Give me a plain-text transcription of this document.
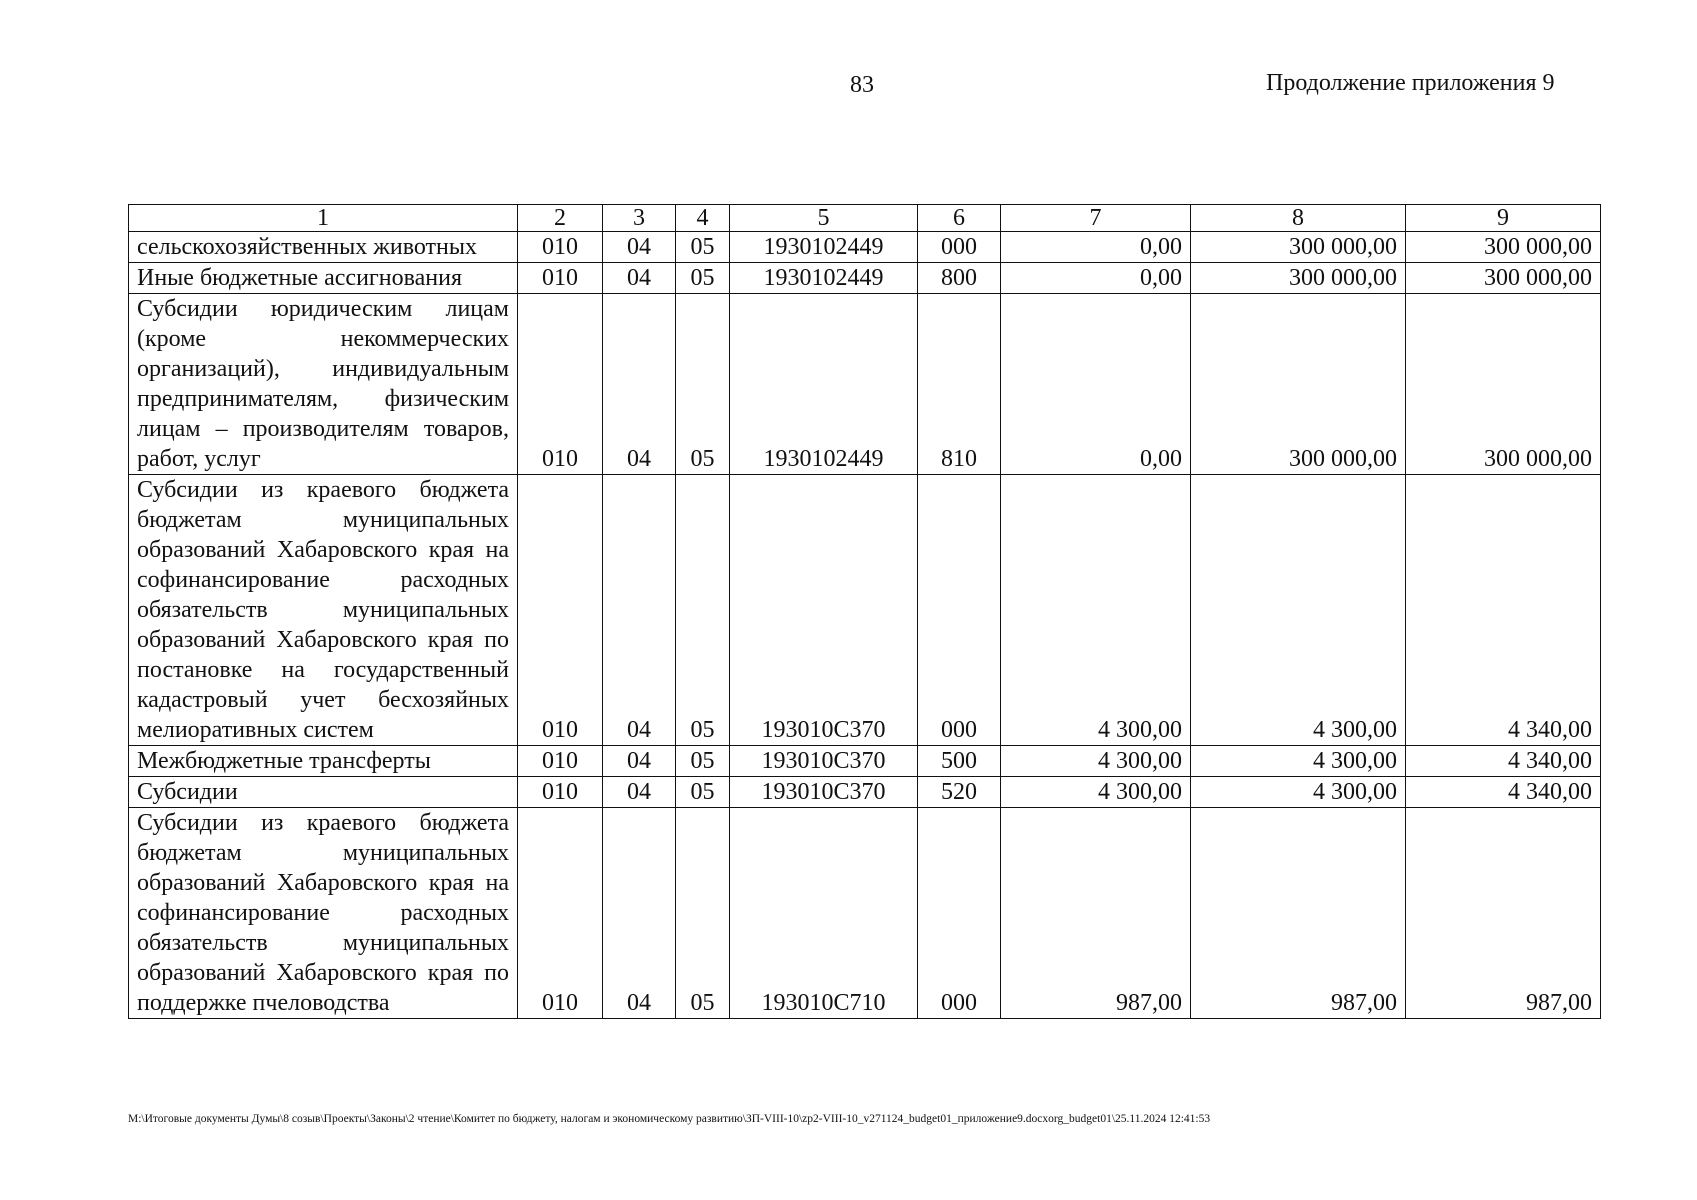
83	Продолжение приложения 9
1	2	3	4	5	6	7	8	9
сельскохозяйственных животных	010	04	05	1930102449	000	0,00	300 000,00	300 000,00
Иные бюджетные ассигнования	010	04	05	1930102449	800	0,00	300 000,00	300 000,00
Субсидии юридическим лицам (кроме некоммерческих организаций), индивидуальным предпринимателям, физическим лицам – производителям товаров, работ, услуг	010	04	05	1930102449	810	0,00	300 000,00	300 000,00
Субсидии из краевого бюджета бюджетам муниципальных образований Хабаровского края на софинансирование расходных обязательств муниципальных образований Хабаровского края по постановке на государственный кадастровый учет бесхозяйных мелиоративных систем	010	04	05	193010С370	000	4 300,00	4 300,00	4 340,00
Межбюджетные трансферты	010	04	05	193010С370	500	4 300,00	4 300,00	4 340,00
Субсидии	010	04	05	193010С370	520	4 300,00	4 300,00	4 340,00
Субсидии из краевого бюджета бюджетам муниципальных образований Хабаровского края на софинансирование расходных обязательств муниципальных образований Хабаровского края по поддержке пчеловодства	010	04	05	193010С710	000	987,00	987,00	987,00
M:\Итоговые документы Думы\8 созыв\Проекты\Законы\2 чтение\Комитет по бюджету, налогам и экономическому развитию\ЗП-VIII-10\zp2-VIII-10_v271124_budget01_приложение9.docxorg_budget01\25.11.2024 12:41:53
